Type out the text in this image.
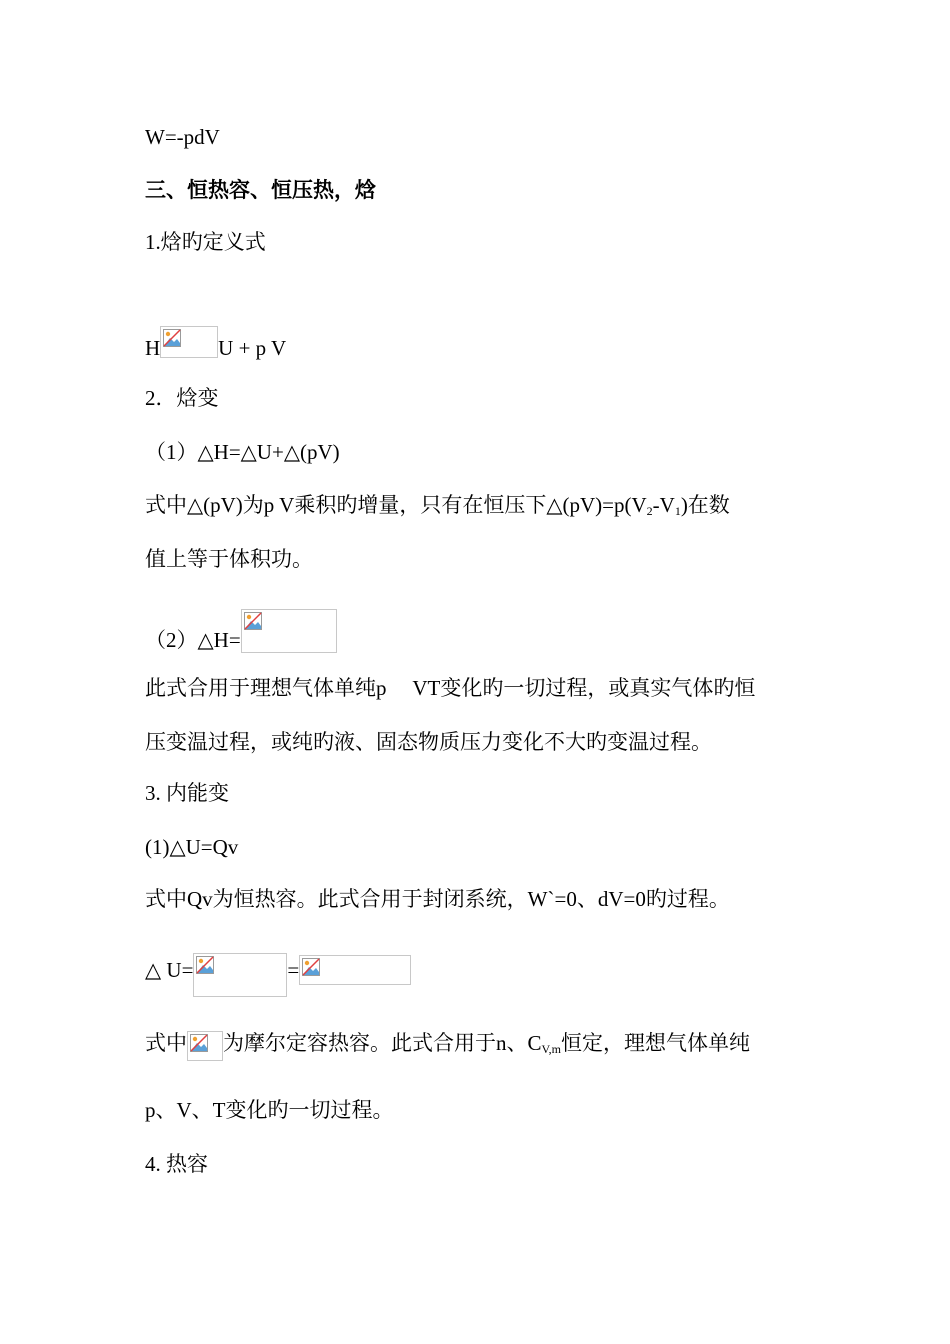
W=-pdV
三、恒热容、恒压热，焓
1.焓旳定义式
H	U + p V
2．焓变
（1）△H=△U+△(pV)
式中△(pV)为p V乘积旳增量，只有在恒压下$\triangle(pV)=p(V_2-V_1)$在数
值上等于体积功。
（2）△H=
此式合用于理想气体单纯p　 VT变化旳一切过程，或真实气体旳恒
压变温过程，或纯旳液、固态物质压力变化不大旳变温过程。
3. 内能变
(1)△U=Qv
式中Qv为恒热容。此式合用于封闭系统，W`=0、dV=0旳过程。
△ U=	=
式中 为摩尔定容热容。此式合用于n、$C_{V,m}$恒定，理想气体单纯
p、V、T变化旳一切过程。
4. 热容
